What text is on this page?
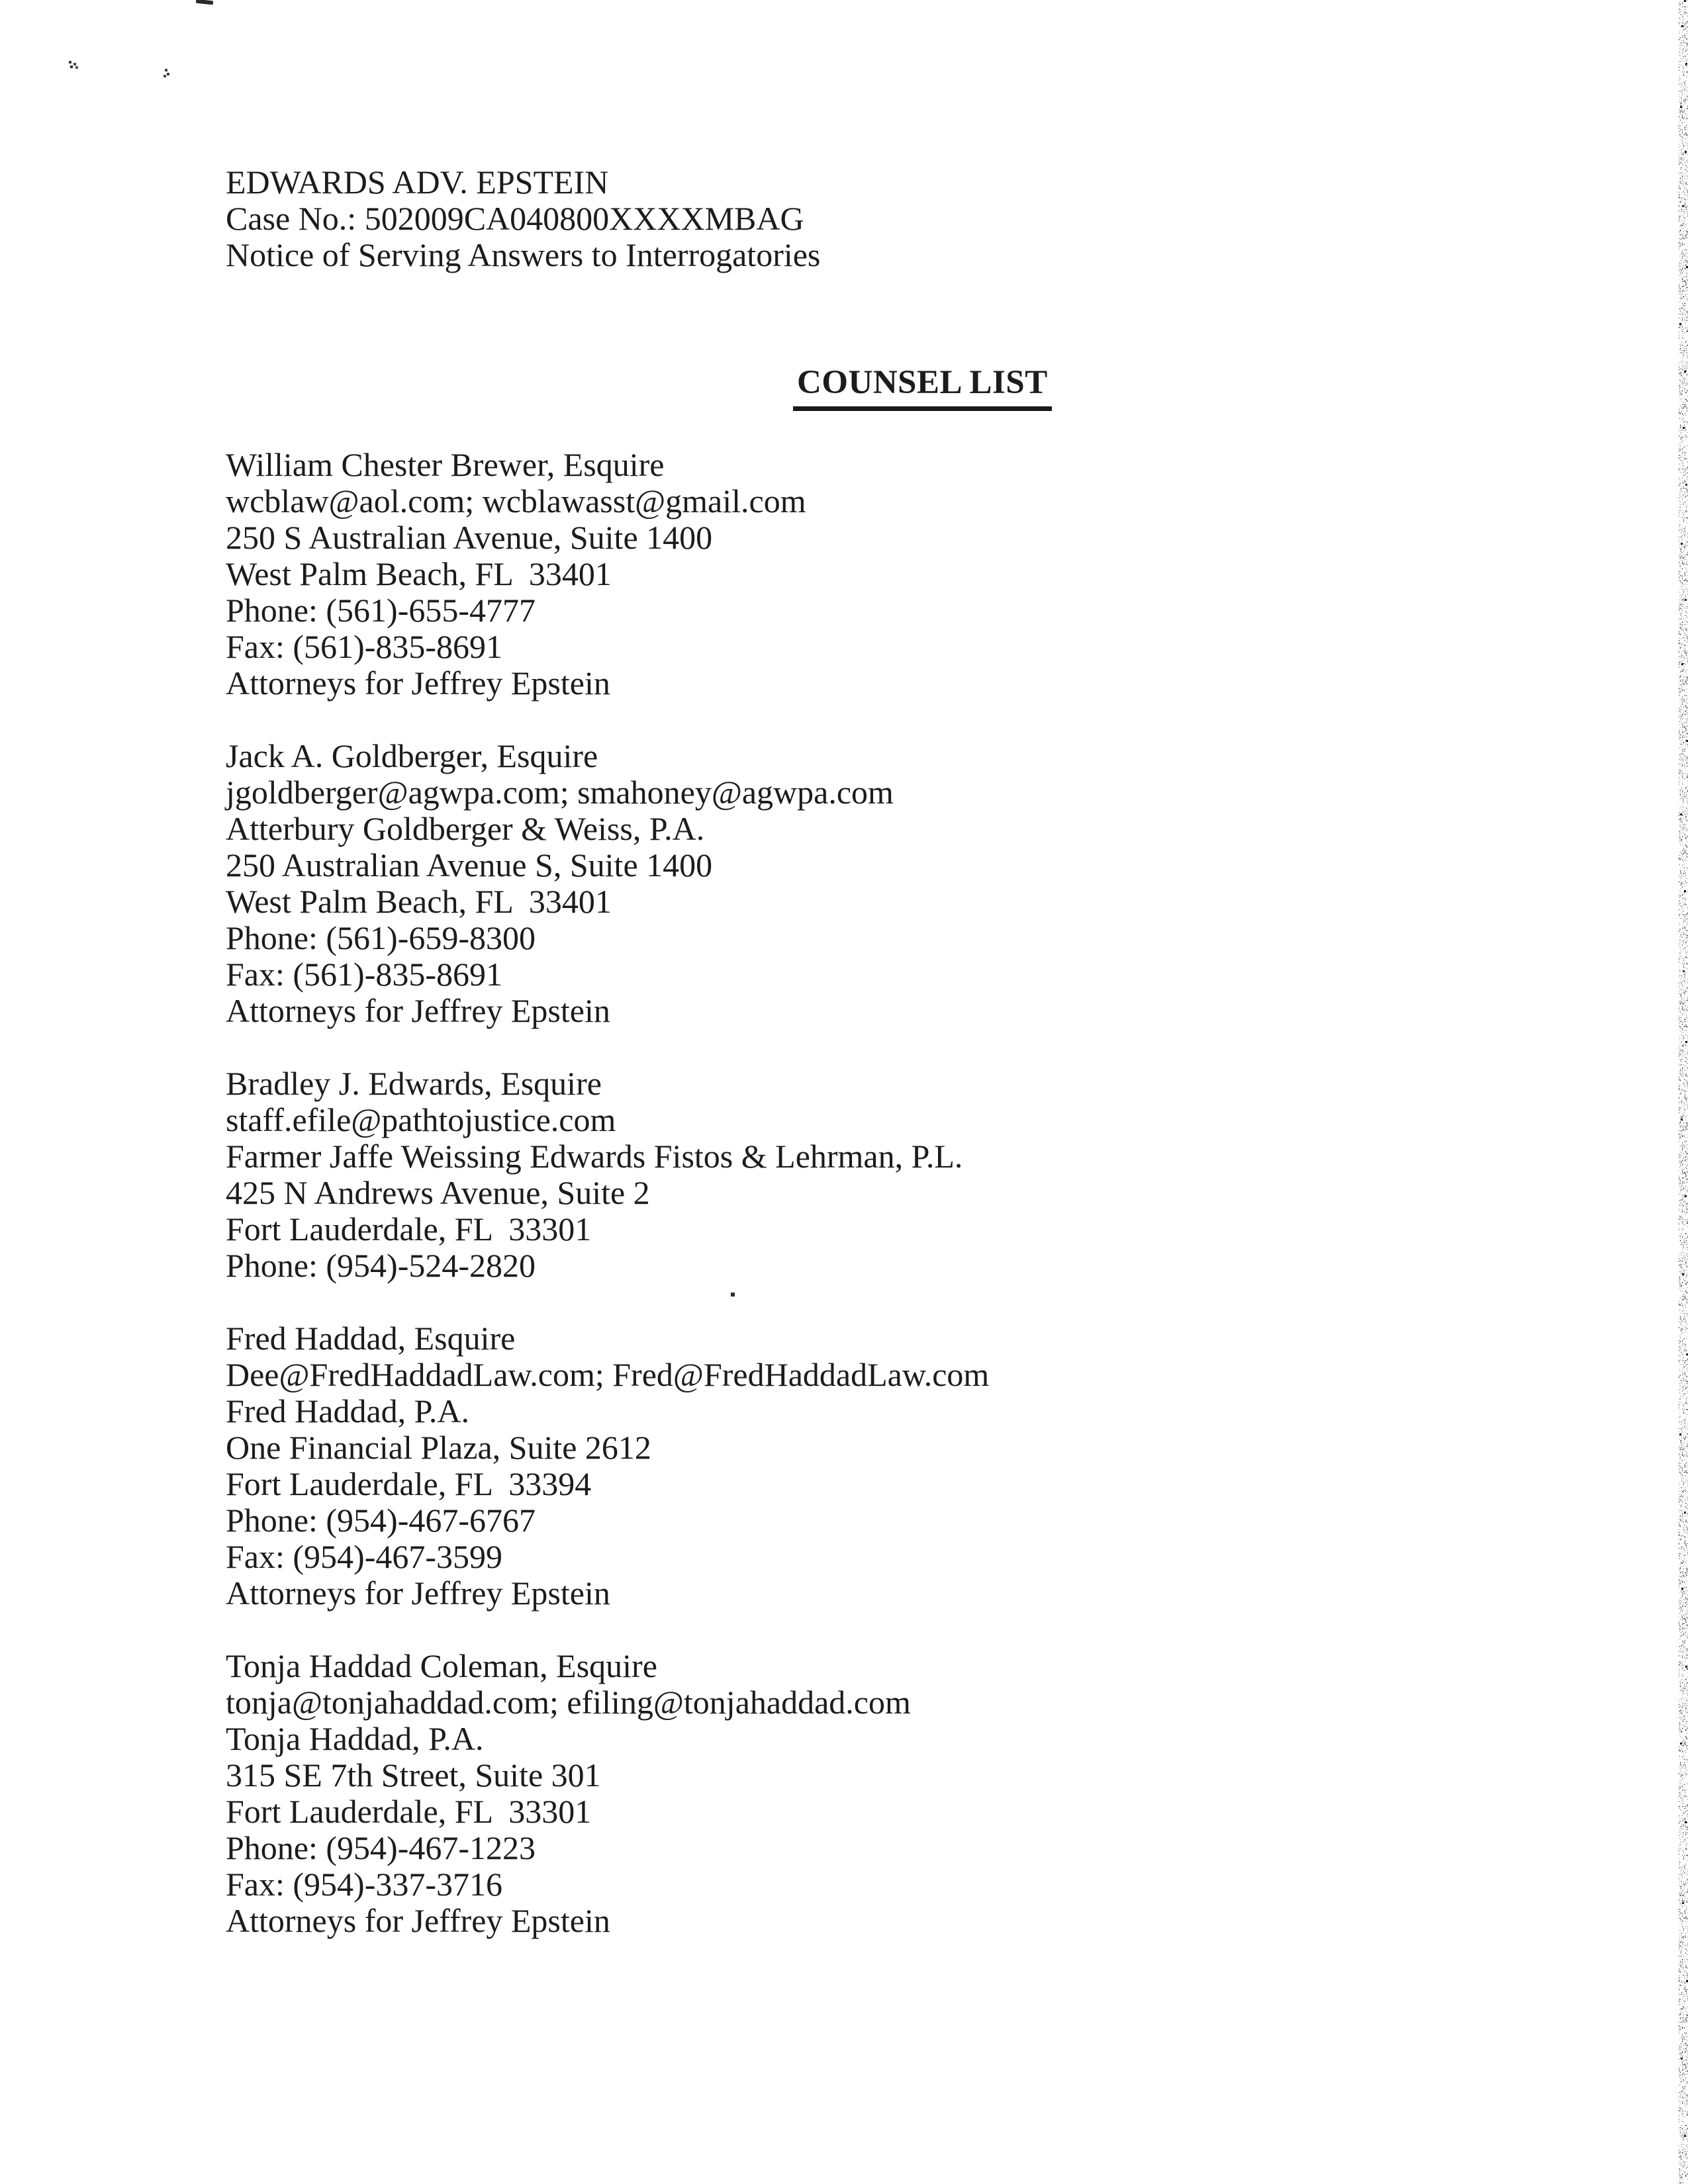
EDWARDS ADV. EPSTEIN
Case No.: 502009CA040800XXXXMBAG
Notice of Serving Answers to Interrogatories
COUNSEL LIST
William Chester Brewer, Esquire
wcblaw@aol.com; wcblawasst@gmail.com
250 S Australian Avenue, Suite 1400
West Palm Beach, FL  33401
Phone: (561)-655-4777
Fax: (561)-835-8691
Attorneys for Jeffrey Epstein
Jack A. Goldberger, Esquire
jgoldberger@agwpa.com; smahoney@agwpa.com
Atterbury Goldberger & Weiss, P.A.
250 Australian Avenue S, Suite 1400
West Palm Beach, FL  33401
Phone: (561)-659-8300
Fax: (561)-835-8691
Attorneys for Jeffrey Epstein
Bradley J. Edwards, Esquire
staff.efile@pathtojustice.com
Farmer Jaffe Weissing Edwards Fistos & Lehrman, P.L.
425 N Andrews Avenue, Suite 2
Fort Lauderdale, FL  33301
Phone: (954)-524-2820
Fred Haddad, Esquire
Dee@FredHaddadLaw.com; Fred@FredHaddadLaw.com
Fred Haddad, P.A.
One Financial Plaza, Suite 2612
Fort Lauderdale, FL  33394
Phone: (954)-467-6767
Fax: (954)-467-3599
Attorneys for Jeffrey Epstein
Tonja Haddad Coleman, Esquire
tonja@tonjahaddad.com; efiling@tonjahaddad.com
Tonja Haddad, P.A.
315 SE 7th Street, Suite 301
Fort Lauderdale, FL  33301
Phone: (954)-467-1223
Fax: (954)-337-3716
Attorneys for Jeffrey Epstein
